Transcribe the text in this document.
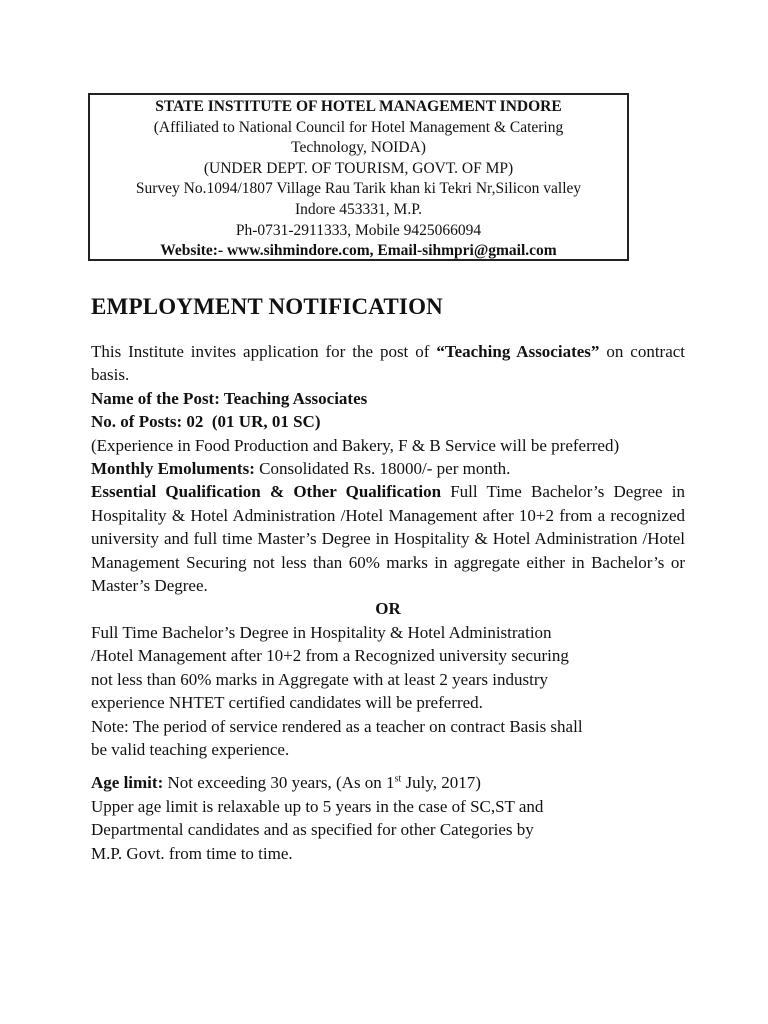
STATE INSTITUTE OF HOTEL MANAGEMENT INDORE
(Affiliated to National Council for Hotel Management & Catering
Technology, NOIDA)
(UNDER DEPT. OF TOURISM, GOVT. OF MP)
Survey No.1094/1807 Village Rau Tarik khan ki Tekri Nr,Silicon valley
Indore 453331, M.P.
Ph-0731-2911333, Mobile 9425066094
Website:- www.sihmindore.com, Email-sihmpri@gmail.com
EMPLOYMENT NOTIFICATION
This Institute invites application for the post of “Teaching Associates” on contract basis.
Name of the Post: Teaching Associates
No. of Posts: 02  (01 UR, 01 SC)
(Experience in Food Production and Bakery, F & B Service will be preferred)
Monthly Emoluments: Consolidated Rs. 18000/- per month.
Essential Qualification & Other Qualification Full Time Bachelor’s Degree in Hospitality & Hotel Administration /Hotel Management after 10+2 from a recognized university and full time Master’s Degree in Hospitality & Hotel Administration /Hotel Management Securing not less than 60% marks in aggregate either in Bachelor’s or Master’s Degree.
OR
Full Time Bachelor’s Degree in Hospitality & Hotel Administration
/Hotel Management after 10+2 from a Recognized university securing
not less than 60% marks in Aggregate with at least 2 years industry
experience NHTET certified candidates will be preferred.
Note: The period of service rendered as a teacher on contract Basis shall
be valid teaching experience.
Age limit: Not exceeding 30 years, (As on 1st July, 2017)
Upper age limit is relaxable up to 5 years in the case of SC,ST and
Departmental candidates and as specified for other Categories by
M.P. Govt. from time to time.
